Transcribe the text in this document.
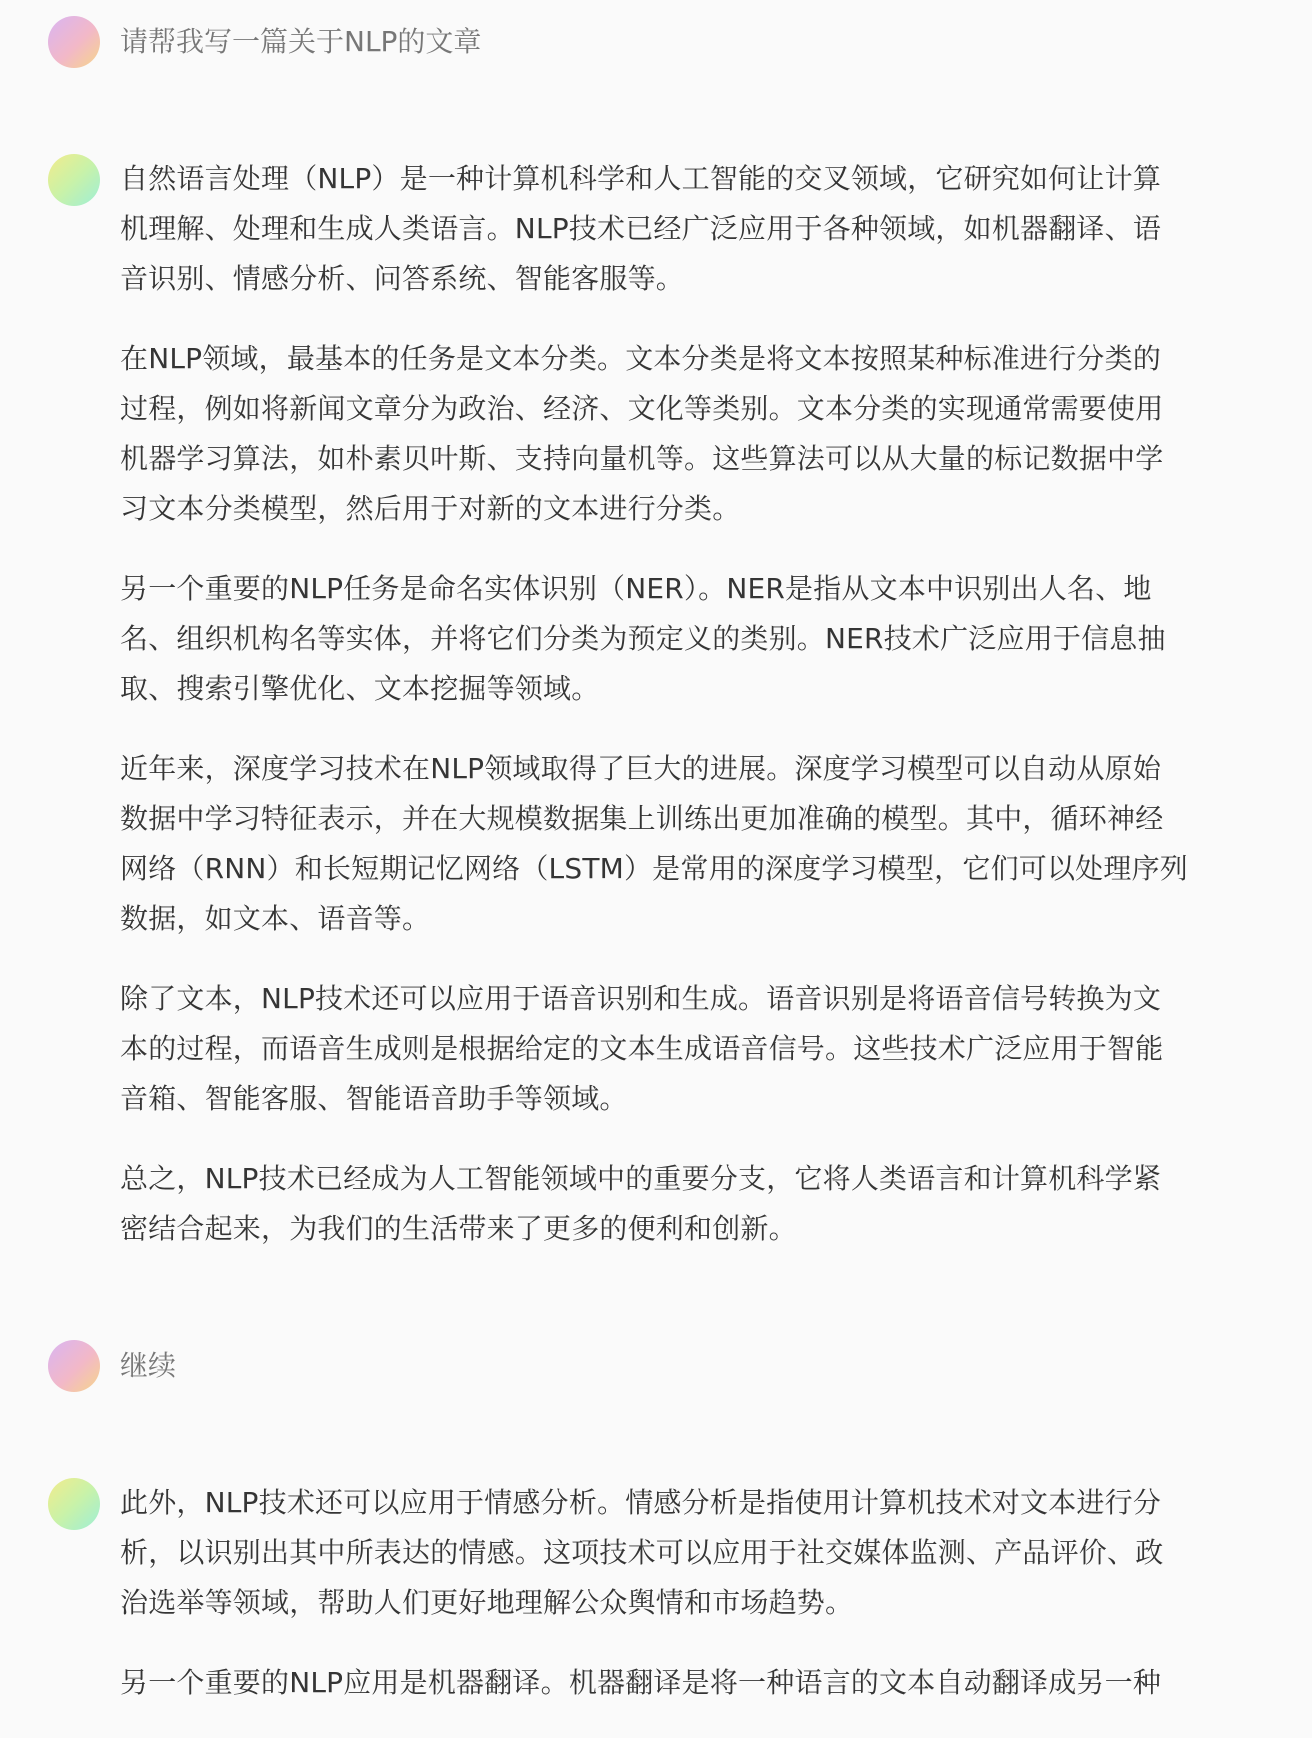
请帮我写一篇关于NLP的文章

自然语言处理（NLP）是一种计算机科学和人工智能的交叉领域，它研究如何让计算机理解、处理和生成人类语言。NLP技术已经广泛应用于各种领域，如机器翻译、语音识别、情感分析、问答系统、智能客服等。

在NLP领域，最基本的任务是文本分类。文本分类是将文本按照某种标准进行分类的过程，例如将新闻文章分为政治、经济、文化等类别。文本分类的实现通常需要使用机器学习算法，如朴素贝叶斯、支持向量机等。这些算法可以从大量的标记数据中学习文本分类模型，然后用于对新的文本进行分类。

另一个重要的NLP任务是命名实体识别（NER）。NER是指从文本中识别出人名、地名、组织机构名等实体，并将它们分类为预定义的类别。NER技术广泛应用于信息抽取、搜索引擎优化、文本挖掘等领域。

近年来，深度学习技术在NLP领域取得了巨大的进展。深度学习模型可以自动从原始数据中学习特征表示，并在大规模数据集上训练出更加准确的模型。其中，循环神经网络（RNN）和长短期记忆网络（LSTM）是常用的深度学习模型，它们可以处理序列数据，如文本、语音等。

除了文本，NLP技术还可以应用于语音识别和生成。语音识别是将语音信号转换为文本的过程，而语音生成则是根据给定的文本生成语音信号。这些技术广泛应用于智能音箱、智能客服、智能语音助手等领域。

总之，NLP技术已经成为人工智能领域中的重要分支，它将人类语言和计算机科学紧密结合起来，为我们的生活带来了更多的便利和创新。

继续

此外，NLP技术还可以应用于情感分析。情感分析是指使用计算机技术对文本进行分析，以识别出其中所表达的情感。这项技术可以应用于社交媒体监测、产品评价、政治选举等领域，帮助人们更好地理解公众舆情和市场趋势。

另一个重要的NLP应用是机器翻译。机器翻译是将一种语言的文本自动翻译成另一种
